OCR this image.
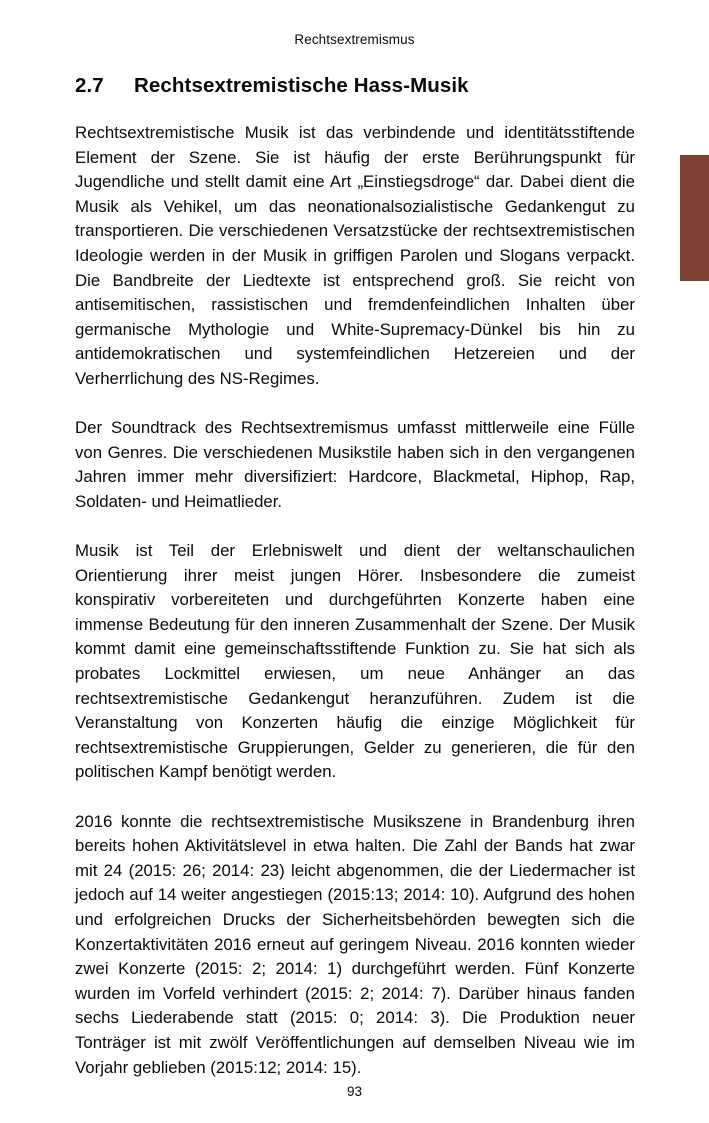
Rechtsextremismus
2.7 Rechtsextremistische Hass-Musik

Rechtsextremistische Musik ist das verbindende und identitätsstiftende Element der Szene. Sie ist häufig der erste Berührungspunkt für Jugendliche und stellt damit eine Art „Einstiegsdroge“ dar. Dabei dient die Musik als Vehikel, um das neonationalsozialistische Gedankengut zu transportieren. Die verschiedenen Versatzstücke der rechtsextremistischen Ideologie werden in der Musik in griffigen Parolen und Slogans verpackt. Die Bandbreite der Liedtexte ist entsprechend groß. Sie reicht von antisemitischen, rassistischen und fremdenfeindlichen Inhalten über germanische Mythologie und White-Supremacy-Dünkel bis hin zu antidemokratischen und systemfeindlichen Hetzereien und der Verherrlichung des NS-Regimes.

Der Soundtrack des Rechtsextremismus umfasst mittlerweile eine Fülle von Genres. Die verschiedenen Musikstile haben sich in den vergangenen Jahren immer mehr diversifiziert: Hardcore, Blackmetal, Hiphop, Rap, Soldaten- und Heimatlieder.

Musik ist Teil der Erlebniswelt und dient der weltanschaulichen Orientierung ihrer meist jungen Hörer. Insbesondere die zumeist konspirativ vorbereiteten und durchgeführten Konzerte haben eine immense Bedeutung für den inneren Zusammenhalt der Szene. Der Musik kommt damit eine gemeinschaftsstiftende Funktion zu. Sie hat sich als probates Lockmittel erwiesen, um neue Anhänger an das rechtsextremistische Gedankengut heranzuführen. Zudem ist die Veranstaltung von Konzerten häufig die einzige Möglichkeit für rechtsextremistische Gruppierungen, Gelder zu generieren, die für den politischen Kampf benötigt werden.

2016 konnte die rechtsextremistische Musikszene in Brandenburg ihren bereits hohen Aktivitätslevel in etwa halten. Die Zahl der Bands hat zwar mit 24 (2015: 26; 2014: 23) leicht abgenommen, die der Liedermacher ist jedoch auf 14 weiter angestiegen (2015:13; 2014: 10). Aufgrund des hohen und erfolgreichen Drucks der Sicherheitsbehörden bewegten sich die Konzertaktivitäten 2016 erneut auf geringem Niveau. 2016 konnten wieder zwei Konzerte (2015: 2; 2014: 1) durchgeführt werden. Fünf Konzerte wurden im Vorfeld verhindert (2015: 2; 2014: 7). Darüber hinaus fanden sechs Liederabende statt (2015: 0; 2014: 3). Die Produktion neuer Tonträger ist mit zwölf Veröffentlichungen auf demselben Niveau wie im Vorjahr geblieben (2015:12; 2014: 15).

93
